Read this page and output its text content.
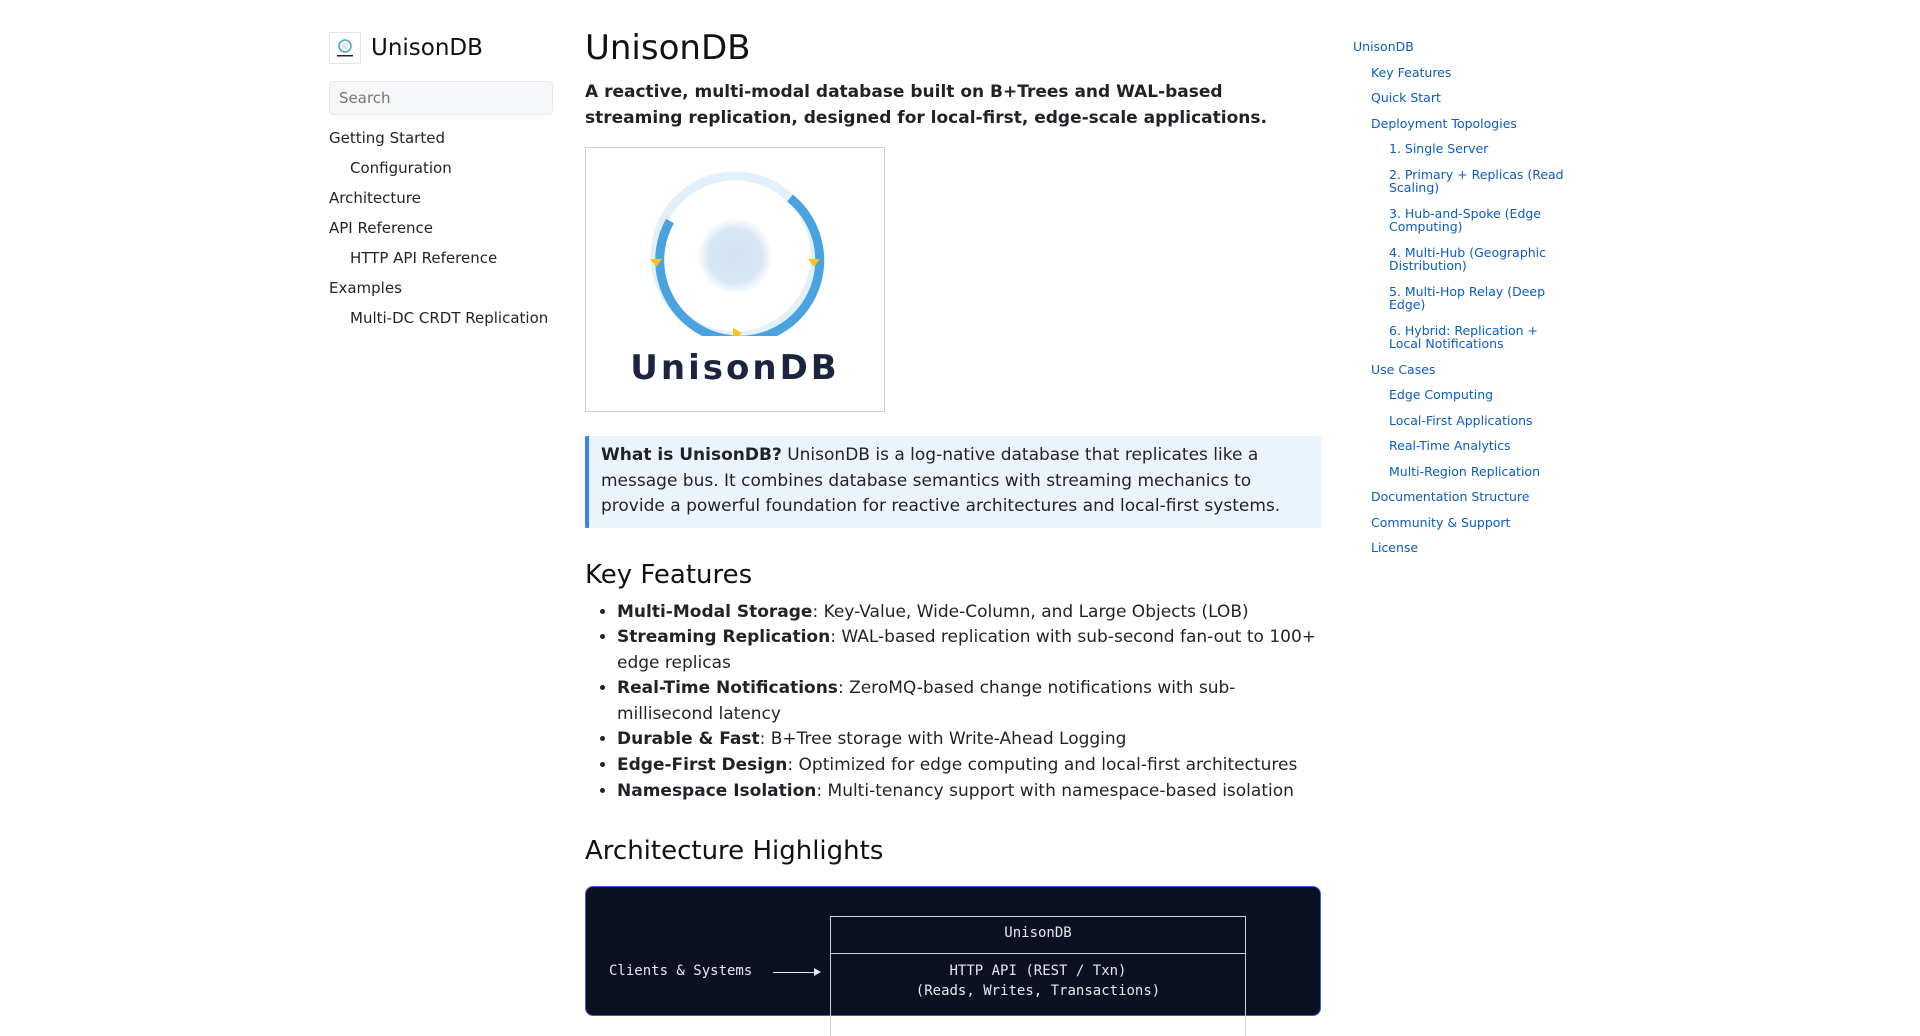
UnisonDB
Search
Getting Started
Configuration
Architecture
API Reference
HTTP API Reference
Examples
Multi-DC CRDT Replication
UnisonDB

A reactive, multi-modal database built on B+Trees and WAL-based streaming replication, designed for local-first, edge-scale applications.

UnisonDB
What is UnisonDB? UnisonDB is a log-native database that replicates like a message bus. It combines database semantics with streaming mechanics to provide a powerful foundation for reactive architectures and local-first systems.
Key Features
• Multi-Modal Storage: Key-Value, Wide-Column, and Large Objects (LOB)
• Streaming Replication: WAL-based replication with sub-second fan-out to 100+ edge replicas
• Real-Time Notifications: ZeroMQ-based change notifications with sub-millisecond latency
• Durable & Fast: B+Tree storage with Write-Ahead Logging
• Edge-First Design: Optimized for edge computing and local-first architectures
• Namespace Isolation: Multi-tenancy support with namespace-based isolation
Architecture Highlights
UnisonDB
Clients & Systems	HTTP API (REST / Txn)
(Reads, Writes, Transactions)
UnisonDB
Key Features
Quick Start
Deployment Topologies
1. Single Server
2. Primary + Replicas (Read Scaling)
3. Hub-and-Spoke (Edge Computing)
4. Multi-Hub (Geographic Distribution)
5. Multi-Hop Relay (Deep Edge)
6. Hybrid: Replication + Local Notifications
Use Cases
Edge Computing
Local-First Applications
Real-Time Analytics
Multi-Region Replication
Documentation Structure
Community & Support
License
